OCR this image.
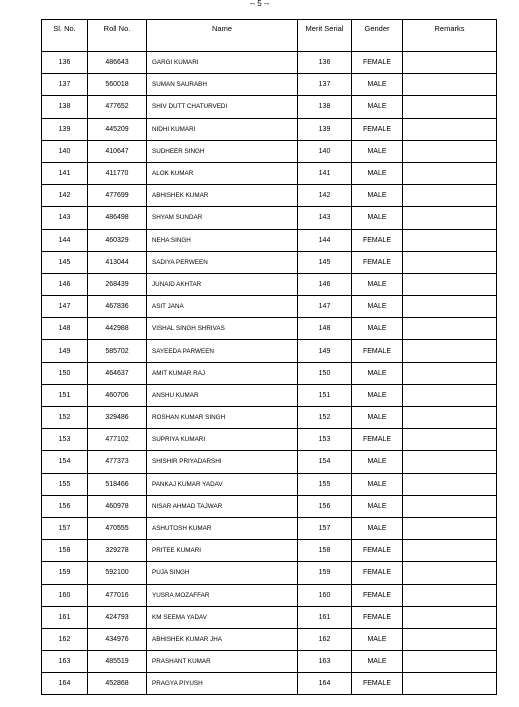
-- 5 --
Sl. No.	Roll No.	Name	Merit Serial	Gender	Remarks
136	486643	GARGI KUMARI	136	FEMALE	
137	560018	SUMAN SAURABH	137	MALE	
138	477652	SHIV DUTT CHATURVEDI	138	MALE	
139	445209	NIDHI KUMARI	139	FEMALE	
140	410647	SUDHEER SINGH	140	MALE	
141	411770	ALOK KUMAR	141	MALE	
142	477699	ABHISHEK KUMAR	142	MALE	
143	486498	SHYAM SUNDAR	143	MALE	
144	460329	NEHA SINGH	144	FEMALE	
145	413044	SADIYA PERWEEN	145	FEMALE	
146	268439	JUNAID AKHTAR	146	MALE	
147	467836	ASIT JANA	147	MALE	
148	442988	VISHAL SINGH SHRIVAS	148	MALE	
149	585702	SAYEEDA PARWEEN	149	FEMALE	
150	464637	AMIT KUMAR RAJ	150	MALE	
151	460706	ANSHU KUMAR	151	MALE	
152	329486	ROSHAN KUMAR SINGH	152	MALE	
153	477102	SUPRIYA KUMARI	153	FEMALE	
154	477373	SHISHIR PRIYADARSHI	154	MALE	
155	518466	PANKAJ KUMAR YADAV	155	MALE	
156	460978	NISAR AHMAD TAJWAR	156	MALE	
157	470555	ASHUTOSH KUMAR	157	MALE	
158	329278	PRITEE KUMARI	158	FEMALE	
159	592100	PUJA SINGH	159	FEMALE	
160	477016	YUSRA MOZAFFAR	160	FEMALE	
161	424793	KM SEEMA YADAV	161	FEMALE	
162	434976	ABHISHEK KUMAR JHA	162	MALE	
163	485519	PRASHANT KUMAR	163	MALE	
164	452868	PRAGYA PIYUSH	164	FEMALE	
